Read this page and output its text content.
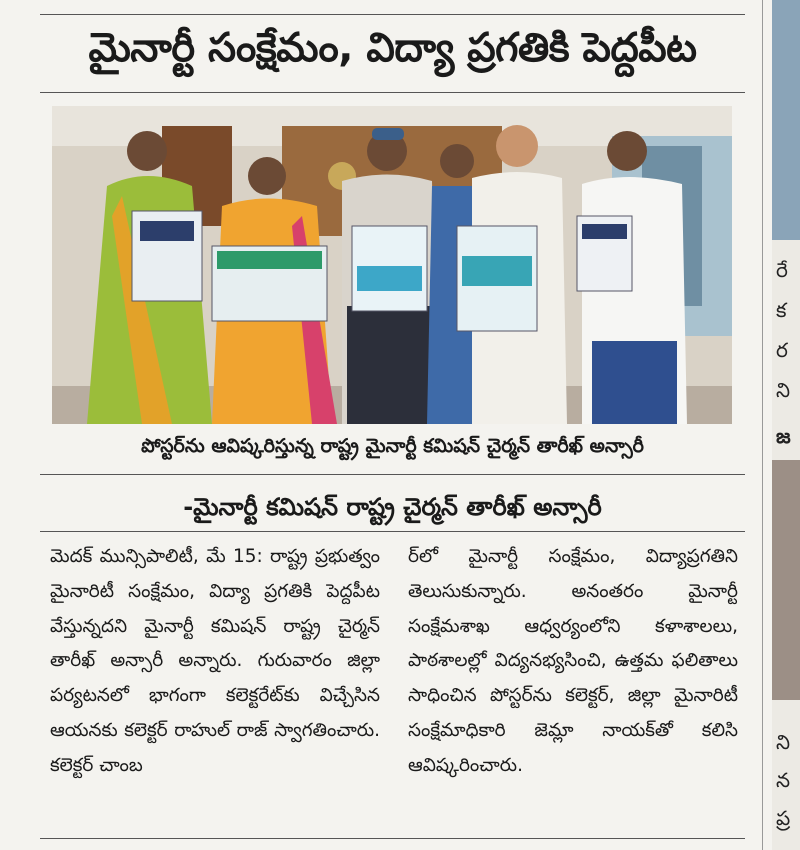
మైనార్టీ సంక్షేమం, విద్యా ప్రగతికి పెద్దపీట
పోస్టర్‌ను ఆవిష్కరిస్తున్న రాష్ట్ర మైనార్టీ కమిషన్ చైర్మన్ తారీఖ్ అన్సారీ
-మైనార్టీ కమిషన్ రాష్ట్ర చైర్మన్ తారీఖ్ అన్సారీ

మెదక్ మున్సిపాలిటీ, మే 15: రాష్ట్ర ప్రభుత్వం మైనారిటీ సంక్షేమం, విద్యా ప్రగతికి పెద్దపీట వేస్తున్నదని మైనార్టీ కమిషన్ రాష్ట్ర చైర్మన్ తారీఖ్ అన్సారీ అన్నారు. గురువారం జిల్లా పర్యటనలో భాగంగా కలెక్టరేట్‌కు విచ్చేసిన ఆయనకు కలెక్టర్ రాహుల్ రాజ్ స్వాగతించారు. కలెక్టర్ చాంబ

ర్‌లో మైనార్టీ సంక్షేమం, విద్యాప్రగతిని తెలుసుకున్నారు. అనంతరం మైనార్టీ సంక్షేమశాఖ ఆధ్వర్యంలోని కళాశాలలు, పాఠశాలల్లో విద్యనభ్యసించి, ఉత్తమ ఫలితాలు సాధించిన పోస్టర్‌ను కలెక్టర్, జిల్లా మైనారిటీ సంక్షేమాధికారి జెమ్లా నాయక్‌తో కలిసి ఆవిష్కరించారు.

రే
క
ర
ని
జ
ని
న
ప్ర
